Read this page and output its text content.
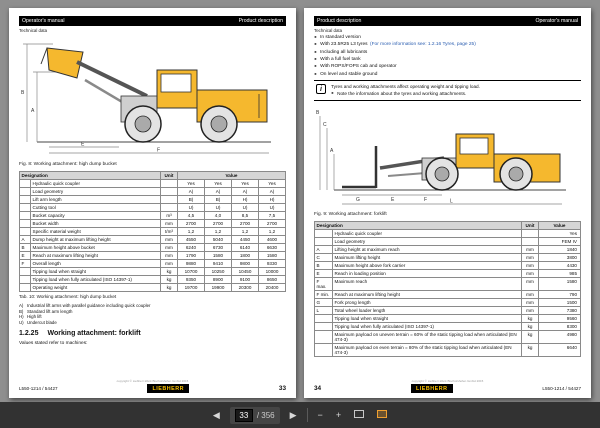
Operator's manual	Product description
Technical data
B
A
E
F
Fig. 8: Working attachment: high dump bucket
Designation		Unit	Value			
	Hydraulic quick coupler		Yes	Yes	Yes	Yes
	Load geometry		A)	A)	A)	A)
	Lift arm length		B)	B)	H)	H)
	Cutting tool		U)	U)	U)	U)
	Bucket capacity	m³	4,5	4,0	8,5	7,5
	Bucket width	mm	2700	2700	2700	2700
	Specific material weight	t/m³	1,2	1,2	1,2	1,2
A	Dump height at maximum lifting height	mm	4550	5040	4450	4600
B	Maximum height above bucket	mm	6240	6730	6140	6630
E	Reach at maximum lifting height	mm	1790	1580	1800	1580
F	Overall length	mm	9880	9410	9800	9330
	Tipping load when straight	kg	10700	10250	10450	10000
	Tipping load when fully articulated (ISO 14397-1)	kg	9350	8900	9100	8650
	Operating weight	kg	19700	19900	20300	20400
Tab. 10: Working attachment: high dump bucket
A) Industrial lift arms with parallel guidance including quick coupler
B) Standard lift arm length
H) High lift
U) Undercut blade
1.2.25 Working attachment: forklift
Values stated refer to machines:
copyright © Liebherr-Werk Bischofshofen GmbH 2015
L550-1214 / 54427	LIEBHERR	33
Product description	Operator's manual
Technical data
► In standard version
► With 23.5R25 L3 tyres (For more information see: 1.2.16 Tyres, page 25)
► Including all lubricants
► With a full fuel tank
► With ROPS/FOPS cab and operator
► On level and stable ground
i	Tyres and working attachments affect operating weight and tipping load.
► Note the information about the tyres and working attachments.
B
C
A
G	E	F	L
Fig. 9: Working attachment: forklift
Designation		Unit	Value
	Hydraulic quick coupler		Yes
	Load geometry		FEM IV
A	Lifting height at maximum reach	mm	1840
C	Maximum lifting height	mm	3800
B	Maximum height above fork carrier	mm	4430
E	Reach in loading position	mm	985
F max.	Maximum reach	mm	1580
F min.	Reach at maximum lifting height	mm	790
G	Fork prong length	mm	1500
L	Total wheel loader length	mm	7380
	Tipping load when straight	kg	9560
	Tipping load when fully articulated (ISO 14397-1)	kg	8300
	Maximum payload on uneven terrain = 60% of the static tipping load when articulated (EN 474-3)	kg	4980
	Maximum payload on even terrain = 80% of the static tipping load when articulated (EN 474-3)	kg	6640
copyright © Liebherr-Werk Bischofshofen GmbH 2015
34	LIEBHERR	L550-1214 / 54427
◀
33	/ 356	▶	−	+
